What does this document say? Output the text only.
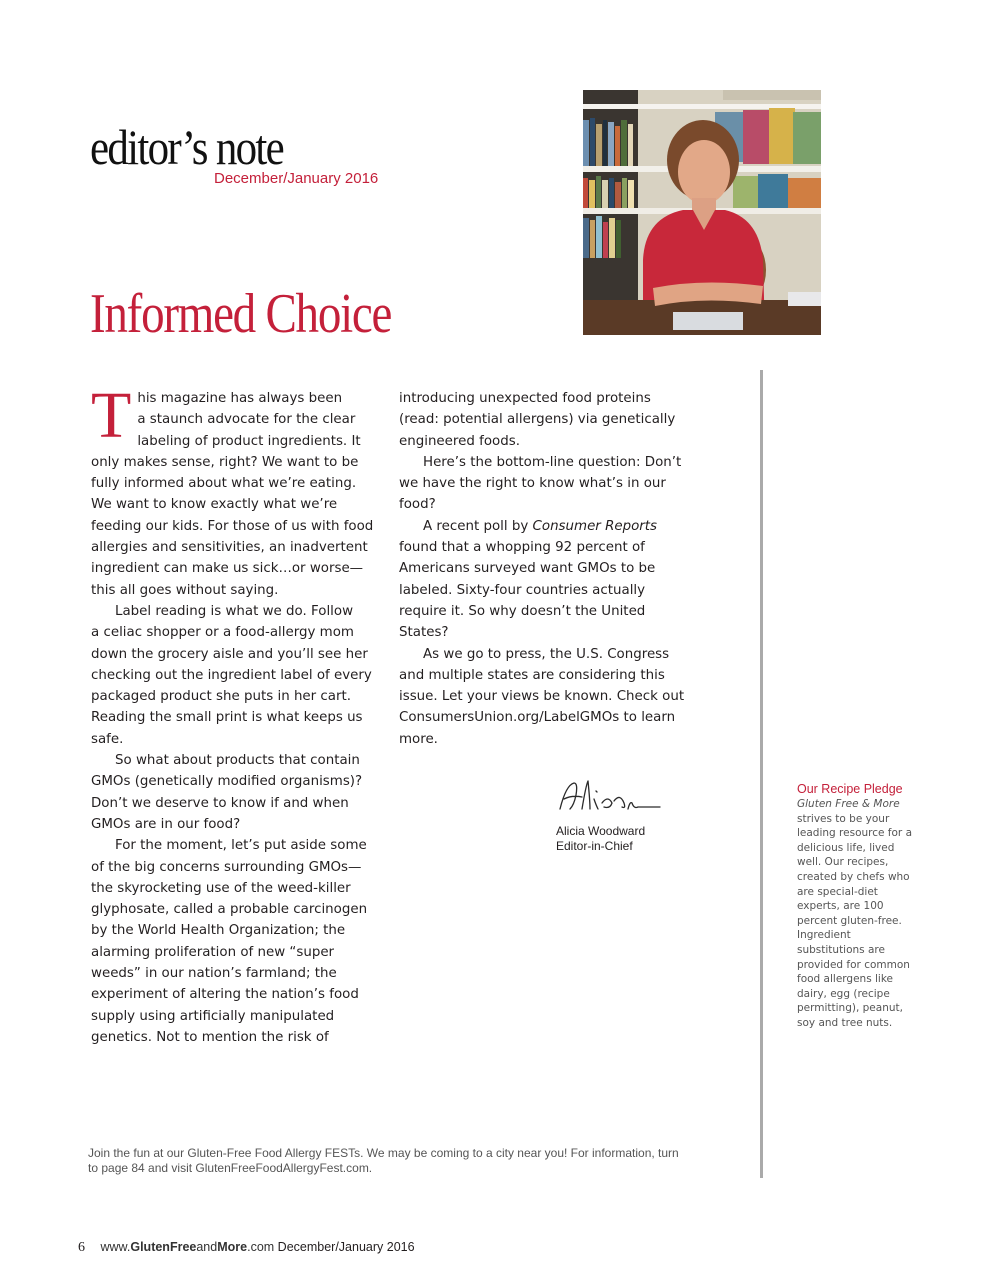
editor’s note
December/January 2016
Informed Choice
T his magazine has always been
a staunch advocate for the clear
labeling of product ingredients. It
only makes sense, right? We want to be
fully informed about what we’re eating.
We want to know exactly what we’re
feeding our kids. For those of us with food
allergies and sensitivities, an inadvertent
ingredient can make us sick…or worse—
this all goes without saying.
Label reading is what we do. Follow
a celiac shopper or a food-allergy mom
down the grocery aisle and you’ll see her
checking out the ingredient label of every
packaged product she puts in her cart.
Reading the small print is what keeps us
safe.
So what about products that contain
GMOs (genetically modified organisms)?
Don’t we deserve to know if and when
GMOs are in our food?
For the moment, let’s put aside some
of the big concerns surrounding GMOs—
the skyrocketing use of the weed-killer
glyphosate, called a probable carcinogen
by the World Health Organization; the
alarming proliferation of new “super
weeds” in our nation’s farmland; the
experiment of altering the nation’s food
supply using artificially manipulated
genetics. Not to mention the risk of
introducing unexpected food proteins
(read: potential allergens) via genetically
engineered foods.
Here’s the bottom-line question: Don’t
we have the right to know what’s in our
food?
A recent poll by Consumer Reports
found that a whopping 92 percent of
Americans surveyed want GMOs to be
labeled. Sixty-four countries actually
require it. So why doesn’t the United
States?
As we go to press, the U.S. Congress
and multiple states are considering this
issue. Let your views be known. Check out
ConsumersUnion.org/LabelGMOs to learn
more.
Alicia Woodward
Editor-in-Chief
Our Recipe Pledge
Gluten Free & More strives to be your leading resource for a delicious life, lived well. Our recipes, created by chefs who are special-diet experts, are 100 percent gluten-free. Ingredient substitutions are provided for common food allergens like dairy, egg (recipe permitting), peanut, soy and tree nuts.
Join the fun at our Gluten-Free Food Allergy FESTs. We may be coming to a city near you! For information, turn to page 84 and visit GlutenFreeFoodAllergyFest.com.
6 www.GlutenFreeandMore.com December/January 2016
